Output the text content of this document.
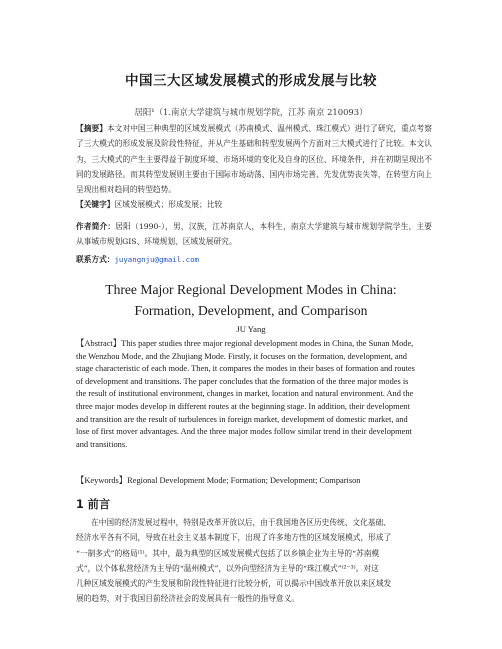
中国三大区域发展模式的形成发展与比较
居阳¹（1.南京大学建筑与城市规划学院，江苏 南京 210093）
【摘要】本文对中国三种典型的区域发展模式（苏南模式、温州模式、珠江模式）进行了研究，重点考察了三大模式的形成发展及阶段性特征，并从产生基础和转型发展两个方面对三大模式进行了比较。本文认为，三大模式的产生主要得益于制度环境、市场环境的变化及自身的区位、环境条件，并在初期呈现出不同的发展路径。而其转型发展则主要由于国际市场动荡、国内市场完善、先发优势丧失等，在转型方向上呈现出相对趋同的转型趋势。
【关键字】区域发展模式；形成发展；比较
作者简介：居阳（1990-），男，汉族，江苏南京人，本科生，南京大学建筑与城市规划学院学生，主要从事城市规划GIS、环境规划、区域发展研究。
联系方式：juyangnju@gmail.com
Three Major Regional Development Modes in China:
Formation, Development, and Comparison
JU Yang
【Abstract】This paper studies three major regional development modes in China, the Sunan Mode,
the Wenzhou Mode, and the Zhujiang Mode. Firstly, it focuses on the formation, development, and
stage characteristic of each mode. Then, it compares the modes in their bases of formation and routes
of development and transitions. The paper concludes that the formation of the three major modes is
the result of institutional environment, changes in market, location and natural environment. And the
three major modes develop in different routes at the beginning stage. In addition, their development
and transition are the result of turbulences in foreign market, development of domestic market, and
lose of first mover advantages. And the three major modes follow similar trend in their development
and transitions.
【Keywords】Regional Development Mode; Formation; Development; Comparison
1 前言
在中国的经济发展过程中，特别是改革开放以后，由于我国地各区历史传统、文化基础、
经济水平各有不同，导致在社会主义基本制度下，出现了许多地方性的区域发展模式，形成了
“一制多式”的格局⁽¹⁾。其中，最为典型的区域发展模式包括了以乡镇企业为主导的“苏南模
式”，以个体私营经济为主导的“温州模式”，以外向型经济为主导的“珠江模式”⁽²⁻³⁾。对这
几种区域发展模式的产生发展和阶段性特征进行比较分析，可以揭示中国改革开放以来区域发
展的趋势，对于我国目前经济社会的发展具有一般性的指导意义。
